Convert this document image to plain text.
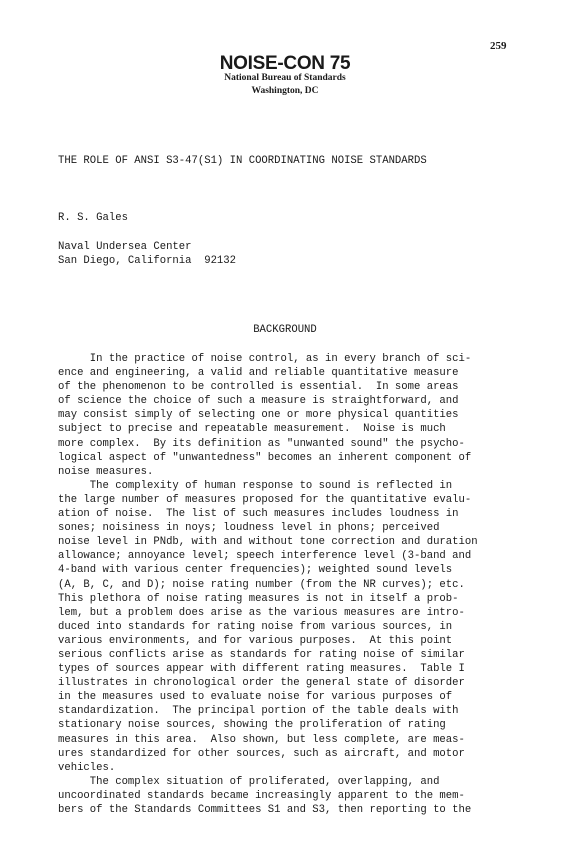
259
NOISE-CON 75
National Bureau of Standards
Washington, DC
THE ROLE OF ANSI S3-47(S1) IN COORDINATING NOISE STANDARDS
R. S. Gales
Naval Undersea Center
San Diego, California  92132
BACKGROUND
In the practice of noise control, as in every branch of sci-
ence and engineering, a valid and reliable quantitative measure
of the phenomenon to be controlled is essential.  In some areas
of science the choice of such a measure is straightforward, and
may consist simply of selecting one or more physical quantities
subject to precise and repeatable measurement.  Noise is much
more complex.  By its definition as "unwanted sound" the psycho-
logical aspect of "unwantedness" becomes an inherent component of
noise measures.
The complexity of human response to sound is reflected in
the large number of measures proposed for the quantitative evalu-
ation of noise.  The list of such measures includes loudness in
sones; noisiness in noys; loudness level in phons; perceived
noise level in PNdb, with and without tone correction and duration
allowance; annoyance level; speech interference level (3-band and
4-band with various center frequencies); weighted sound levels
(A, B, C, and D); noise rating number (from the NR curves); etc.
This plethora of noise rating measures is not in itself a prob-
lem, but a problem does arise as the various measures are intro-
duced into standards for rating noise from various sources, in
various environments, and for various purposes.  At this point
serious conflicts arise as standards for rating noise of similar
types of sources appear with different rating measures.  Table I
illustrates in chronological order the general state of disorder
in the measures used to evaluate noise for various purposes of
standardization.  The principal portion of the table deals with
stationary noise sources, showing the proliferation of rating
measures in this area.  Also shown, but less complete, are meas-
ures standardized for other sources, such as aircraft, and motor
vehicles.
The complex situation of proliferated, overlapping, and
uncoordinated standards became increasingly apparent to the mem-
bers of the Standards Committees S1 and S3, then reporting to the
